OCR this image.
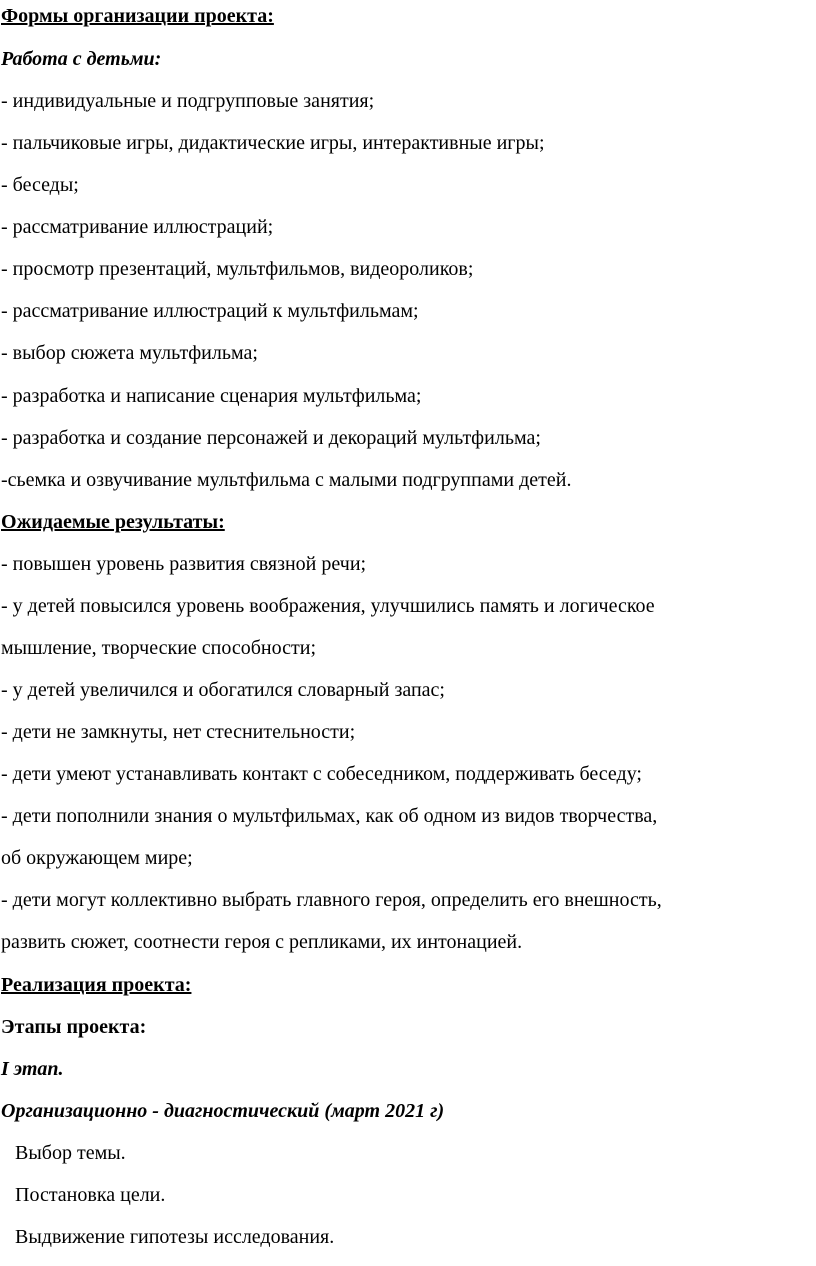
Формы организации проекта:
Работа с детьми:
- индивидуальные и подгрупповые занятия;
- пальчиковые игры, дидактические игры, интерактивные игры;
- беседы;
- рассматривание иллюстраций;
- просмотр презентаций, мультфильмов, видеороликов;
- рассматривание иллюстраций к мультфильмам;
- выбор сюжета мультфильма;
- разработка и написание сценария мультфильма;
- разработка и создание персонажей и декораций мультфильма;
-сьемка и озвучивание мультфильма с малыми подгруппами детей.
Ожидаемые результаты:
- повышен уровень развития связной речи;
- у детей повысился уровень воображения, улучшились память и логическое
мышление, творческие способности;
- у детей увеличился и обогатился словарный запас;
- дети не замкнуты, нет стеснительности;
- дети умеют устанавливать контакт с собеседником, поддерживать беседу;
- дети пополнили знания о мультфильмах, как об одном из видов творчества,
об окружающем мире;
- дети могут коллективно выбрать главного героя, определить его внешность,
развить сюжет, соотнести героя с репликами, их интонацией.
Реализация проекта:
Этапы проекта:
I этап.
Организационно - диагностический (март 2021 г)
Выбор темы.
Постановка цели.
Выдвижение гипотезы исследования.
